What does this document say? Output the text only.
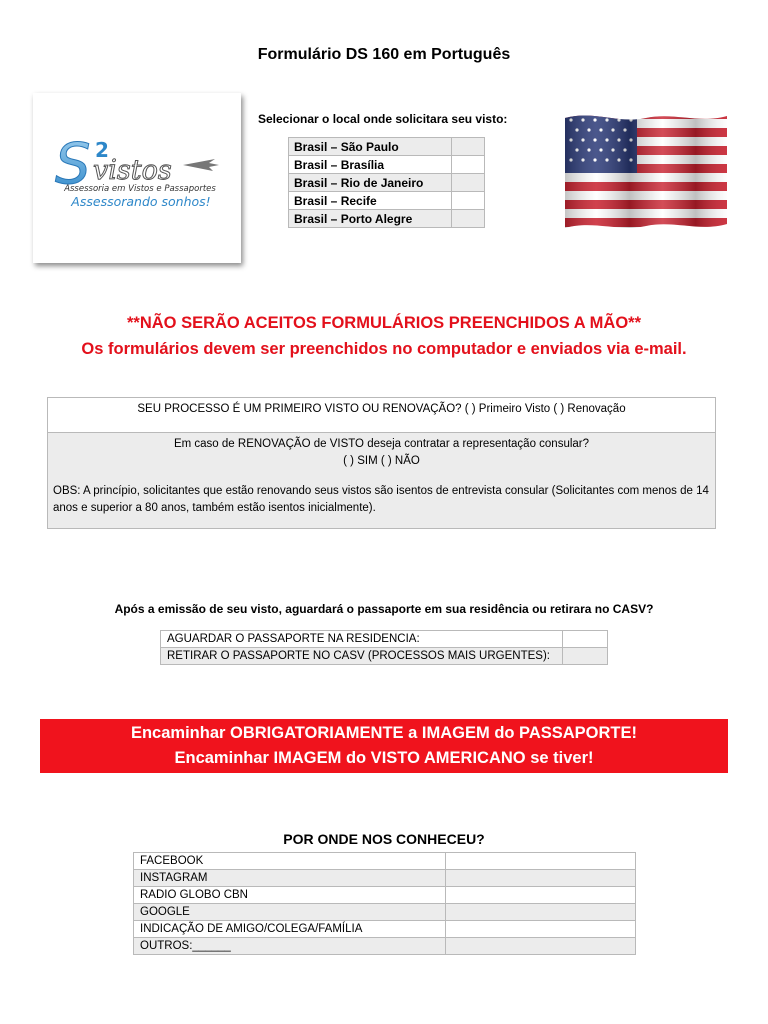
Formulário DS 160 em Português
S 2
vistos
Assessoria em Vistos e Passaportes
Assessorando sonhos!
Selecionar o local onde solicitara seu visto:
Brasil – São Paulo	
Brasil – Brasília	
Brasil – Rio de Janeiro	
Brasil – Recife	
Brasil – Porto Alegre	
**NÃO SERÃO ACEITOS FORMULÁRIOS PREENCHIDOS A MÃO**
Os formulários devem ser preenchidos no computador e enviados via e-mail.
SEU PROCESSO É UM PRIMEIRO VISTO OU RENOVAÇÃO? ( ) Primeiro Visto ( ) Renovação
Em caso de RENOVAÇÃO de VISTO deseja contratar a representação consular?
( ) SIM ( ) NÃO
OBS: A princípio, solicitantes que estão renovando seus vistos são isentos de entrevista consular (Solicitantes com menos de 14 anos e superior a 80 anos, também estão isentos inicialmente).
Após a emissão de seu visto, aguardará o passaporte em sua residência ou retirara no CASV?
AGUARDAR O PASSAPORTE NA RESIDENCIA:	
RETIRAR O PASSAPORTE NO CASV (PROCESSOS MAIS URGENTES):	
Encaminhar OBRIGATORIAMENTE a IMAGEM do PASSAPORTE!
Encaminhar IMAGEM do VISTO AMERICANO se tiver!
POR ONDE NOS CONHECEU?
FACEBOOK	
INSTAGRAM	
RADIO GLOBO CBN	
GOOGLE	
INDICAÇÃO DE AMIGO/COLEGA/FAMÍLIA	
OUTROS:______	
